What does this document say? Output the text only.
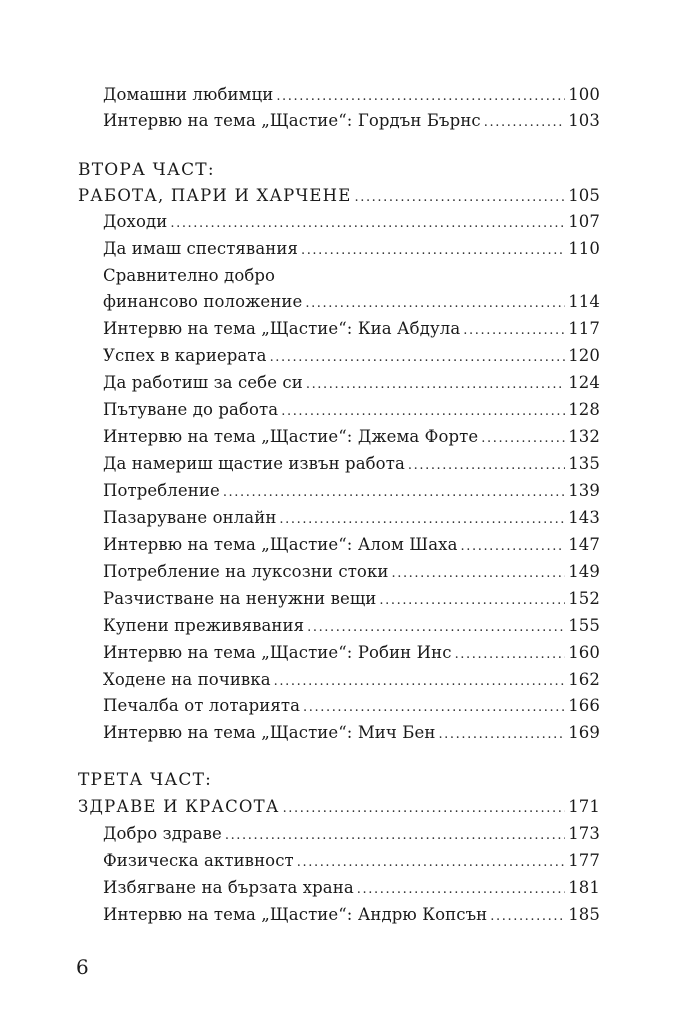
Домашни любимци .....	100
Интервю на тема „Щастие“: Гордън Бърнс .....	103
ВТОРА ЧАСТ:
РАБОТА, ПАРИ И ХАРЧЕНЕ .....	105
Доходи .....	107
Да имаш спестявания .....	110
Сравнително добро
финансово положение .....	114
Интервю на тема „Щастие“: Киа Абдула .....	117
Успех в кариерата .....	120
Да работиш за себе си .....	124
Пътуване до работа .....	128
Интервю на тема „Щастие“: Джема Форте .....	132
Да намериш щастие извън работа .....	135
Потребление .....	139
Пазаруване онлайн .....	143
Интервю на тема „Щастие“: Алом Шаха .....	147
Потребление на луксозни стоки .....	149
Разчистване на ненужни вещи .....	152
Купени преживявания .....	155
Интервю на тема „Щастие“: Робин Инс .....	160
Ходене на почивка .....	162
Печалба от лотарията .....	166
Интервю на тема „Щастие“: Мич Бен .....	169
ТРЕТА ЧАСТ:
ЗДРАВЕ И КРАСОТА .....	171
Добро здраве .....	173
Физическа активност .....	177
Избягване на бързата храна .....	181
Интервю на тема „Щастие“: Андрю Копсън .....	185
6
